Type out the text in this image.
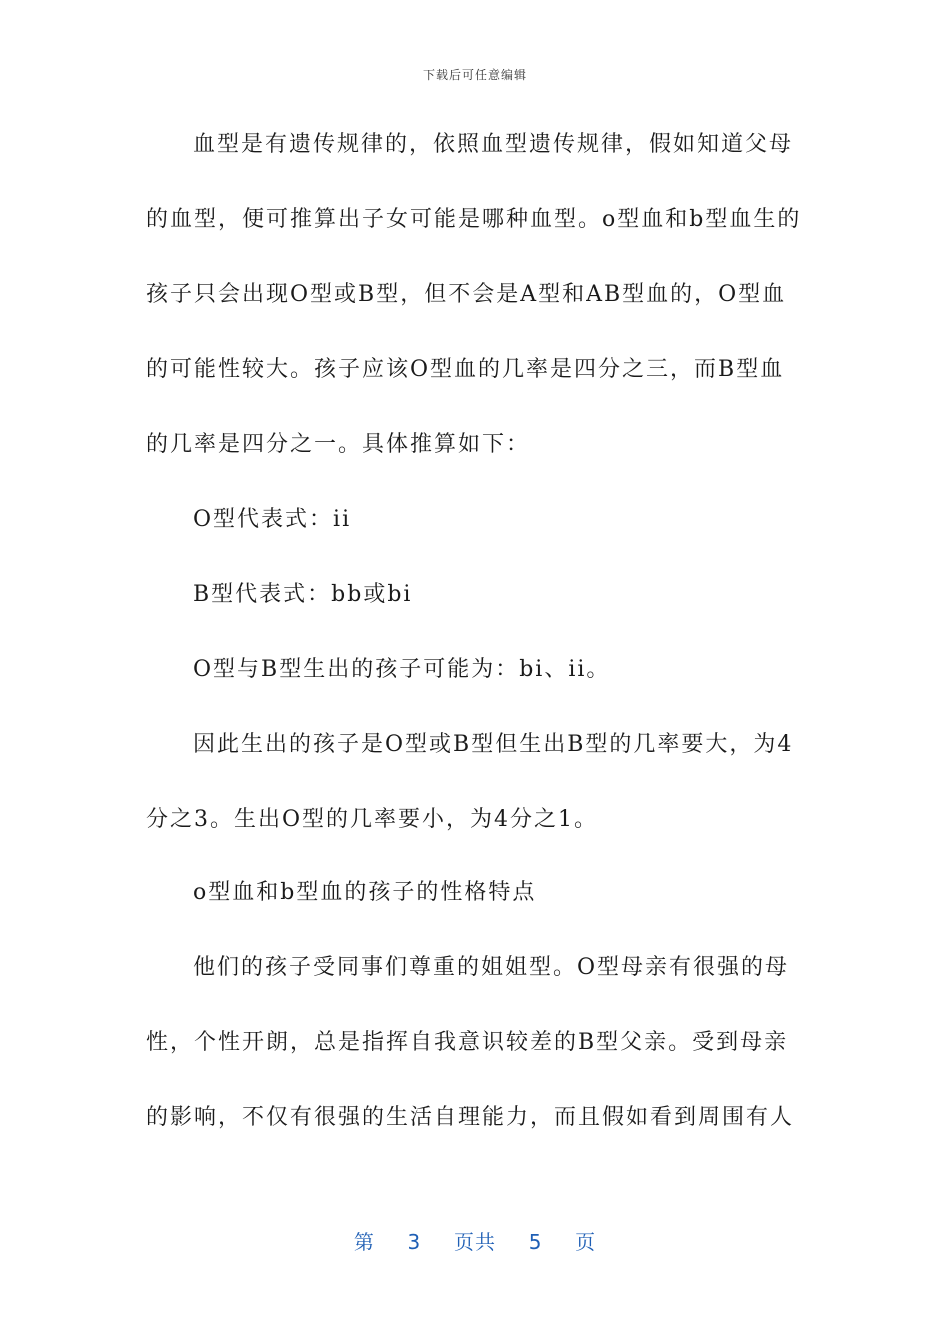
下载后可任意编辑
血型是有遗传规律的，依照血型遗传规律，假如知道父母
的血型，便可推算出子女可能是哪种血型。o型血和b型血生的
孩子只会出现O型或B型，但不会是A型和AB型血的，O型血
的可能性较大。孩子应该O型血的几率是四分之三，而B型血
的几率是四分之一。具体推算如下：
O型代表式：ii
B型代表式：bb或bi
O型与B型生出的孩子可能为：bi、ii。
因此生出的孩子是O型或B型但生出B型的几率要大，为4
分之3。生出O型的几率要小，为4分之1。
o型血和b型血的孩子的性格特点
他们的孩子受同事们尊重的姐姐型。O型母亲有很强的母
性，个性开朗，总是指挥自我意识较差的B型父亲。受到母亲
的影响，不仅有很强的生活自理能力，而且假如看到周围有人
第 3 页共 5 页
